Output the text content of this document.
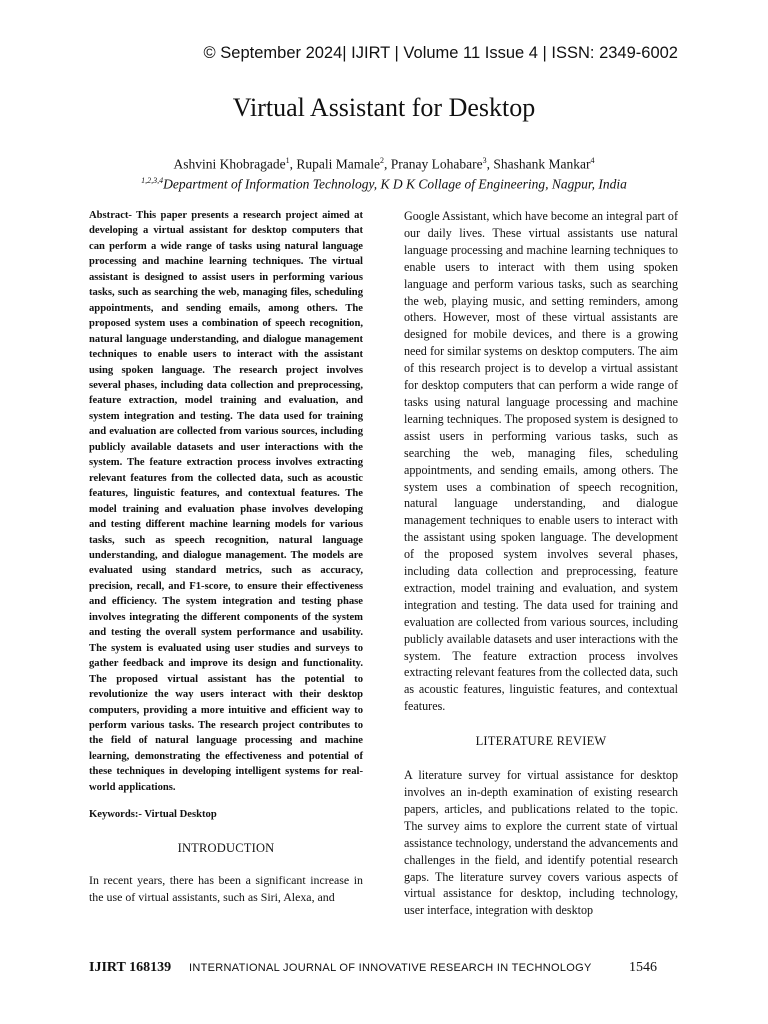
© September 2024| IJIRT | Volume 11 Issue 4 | ISSN: 2349-6002
Virtual Assistant for Desktop
Ashvini Khobragade$^1$, Rupali Mamale$^2$, Pranay Lohabare$^3$, Shashank Mankar$^4$
$^{1,2,3,4}$Department of Information Technology, K D K Collage of Engineering, Nagpur, India

Abstract- This paper presents a research project aimed at developing a virtual assistant for desktop computers that can perform a wide range of tasks using natural language processing and machine learning techniques. The virtual assistant is designed to assist users in performing various tasks, such as searching the web, managing files, scheduling appointments, and sending emails, among others. The proposed system uses a combination of speech recognition, natural language understanding, and dialogue management techniques to enable users to interact with the assistant using spoken language. The research project involves several phases, including data collection and preprocessing, feature extraction, model training and evaluation, and system integration and testing. The data used for training and evaluation are collected from various sources, including publicly available datasets and user interactions with the system. The feature extraction process involves extracting relevant features from the collected data, such as acoustic features, linguistic features, and contextual features. The model training and evaluation phase involves developing and testing different machine learning models for various tasks, such as speech recognition, natural language understanding, and dialogue management. The models are evaluated using standard metrics, such as accuracy, precision, recall, and F1-score, to ensure their effectiveness and efficiency. The system integration and testing phase involves integrating the different components of the system and testing the overall system performance and usability. The system is evaluated using user studies and surveys to gather feedback and improve its design and functionality. The proposed virtual assistant has the potential to revolutionize the way users interact with their desktop computers, providing a more intuitive and efficient way to perform various tasks. The research project contributes to the field of natural language processing and machine learning, demonstrating the effectiveness and potential of these techniques in developing intelligent systems for real-world applications.

Keywords:- Virtual Desktop

INTRODUCTION

In recent years, there has been a significant increase in the use of virtual assistants, such as Siri, Alexa, and

Google Assistant, which have become an integral part of our daily lives. These virtual assistants use natural language processing and machine learning techniques to enable users to interact with them using spoken language and perform various tasks, such as searching the web, playing music, and setting reminders, among others. However, most of these virtual assistants are designed for mobile devices, and there is a growing need for similar systems on desktop computers. The aim of this research project is to develop a virtual assistant for desktop computers that can perform a wide range of tasks using natural language processing and machine learning techniques. The proposed system is designed to assist users in performing various tasks, such as searching the web, managing files, scheduling appointments, and sending emails, among others. The system uses a combination of speech recognition, natural language understanding, and dialogue management techniques to enable users to interact with the assistant using spoken language. The development of the proposed system involves several phases, including data collection and preprocessing, feature extraction, model training and evaluation, and system integration and testing. The data used for training and evaluation are collected from various sources, including publicly available datasets and user interactions with the system. The feature extraction process involves extracting relevant features from the collected data, such as acoustic features, linguistic features, and contextual features.

LITERATURE REVIEW

A literature survey for virtual assistance for desktop involves an in-depth examination of existing research papers, articles, and publications related to the topic. The survey aims to explore the current state of virtual assistance technology, understand the advancements and challenges in the field, and identify potential research gaps. The literature survey covers various aspects of virtual assistance for desktop, including technology, user interface, integration with desktop

IJIRT 168139 INTERNATIONAL JOURNAL OF INNOVATIVE RESEARCH IN TECHNOLOGY	1546
